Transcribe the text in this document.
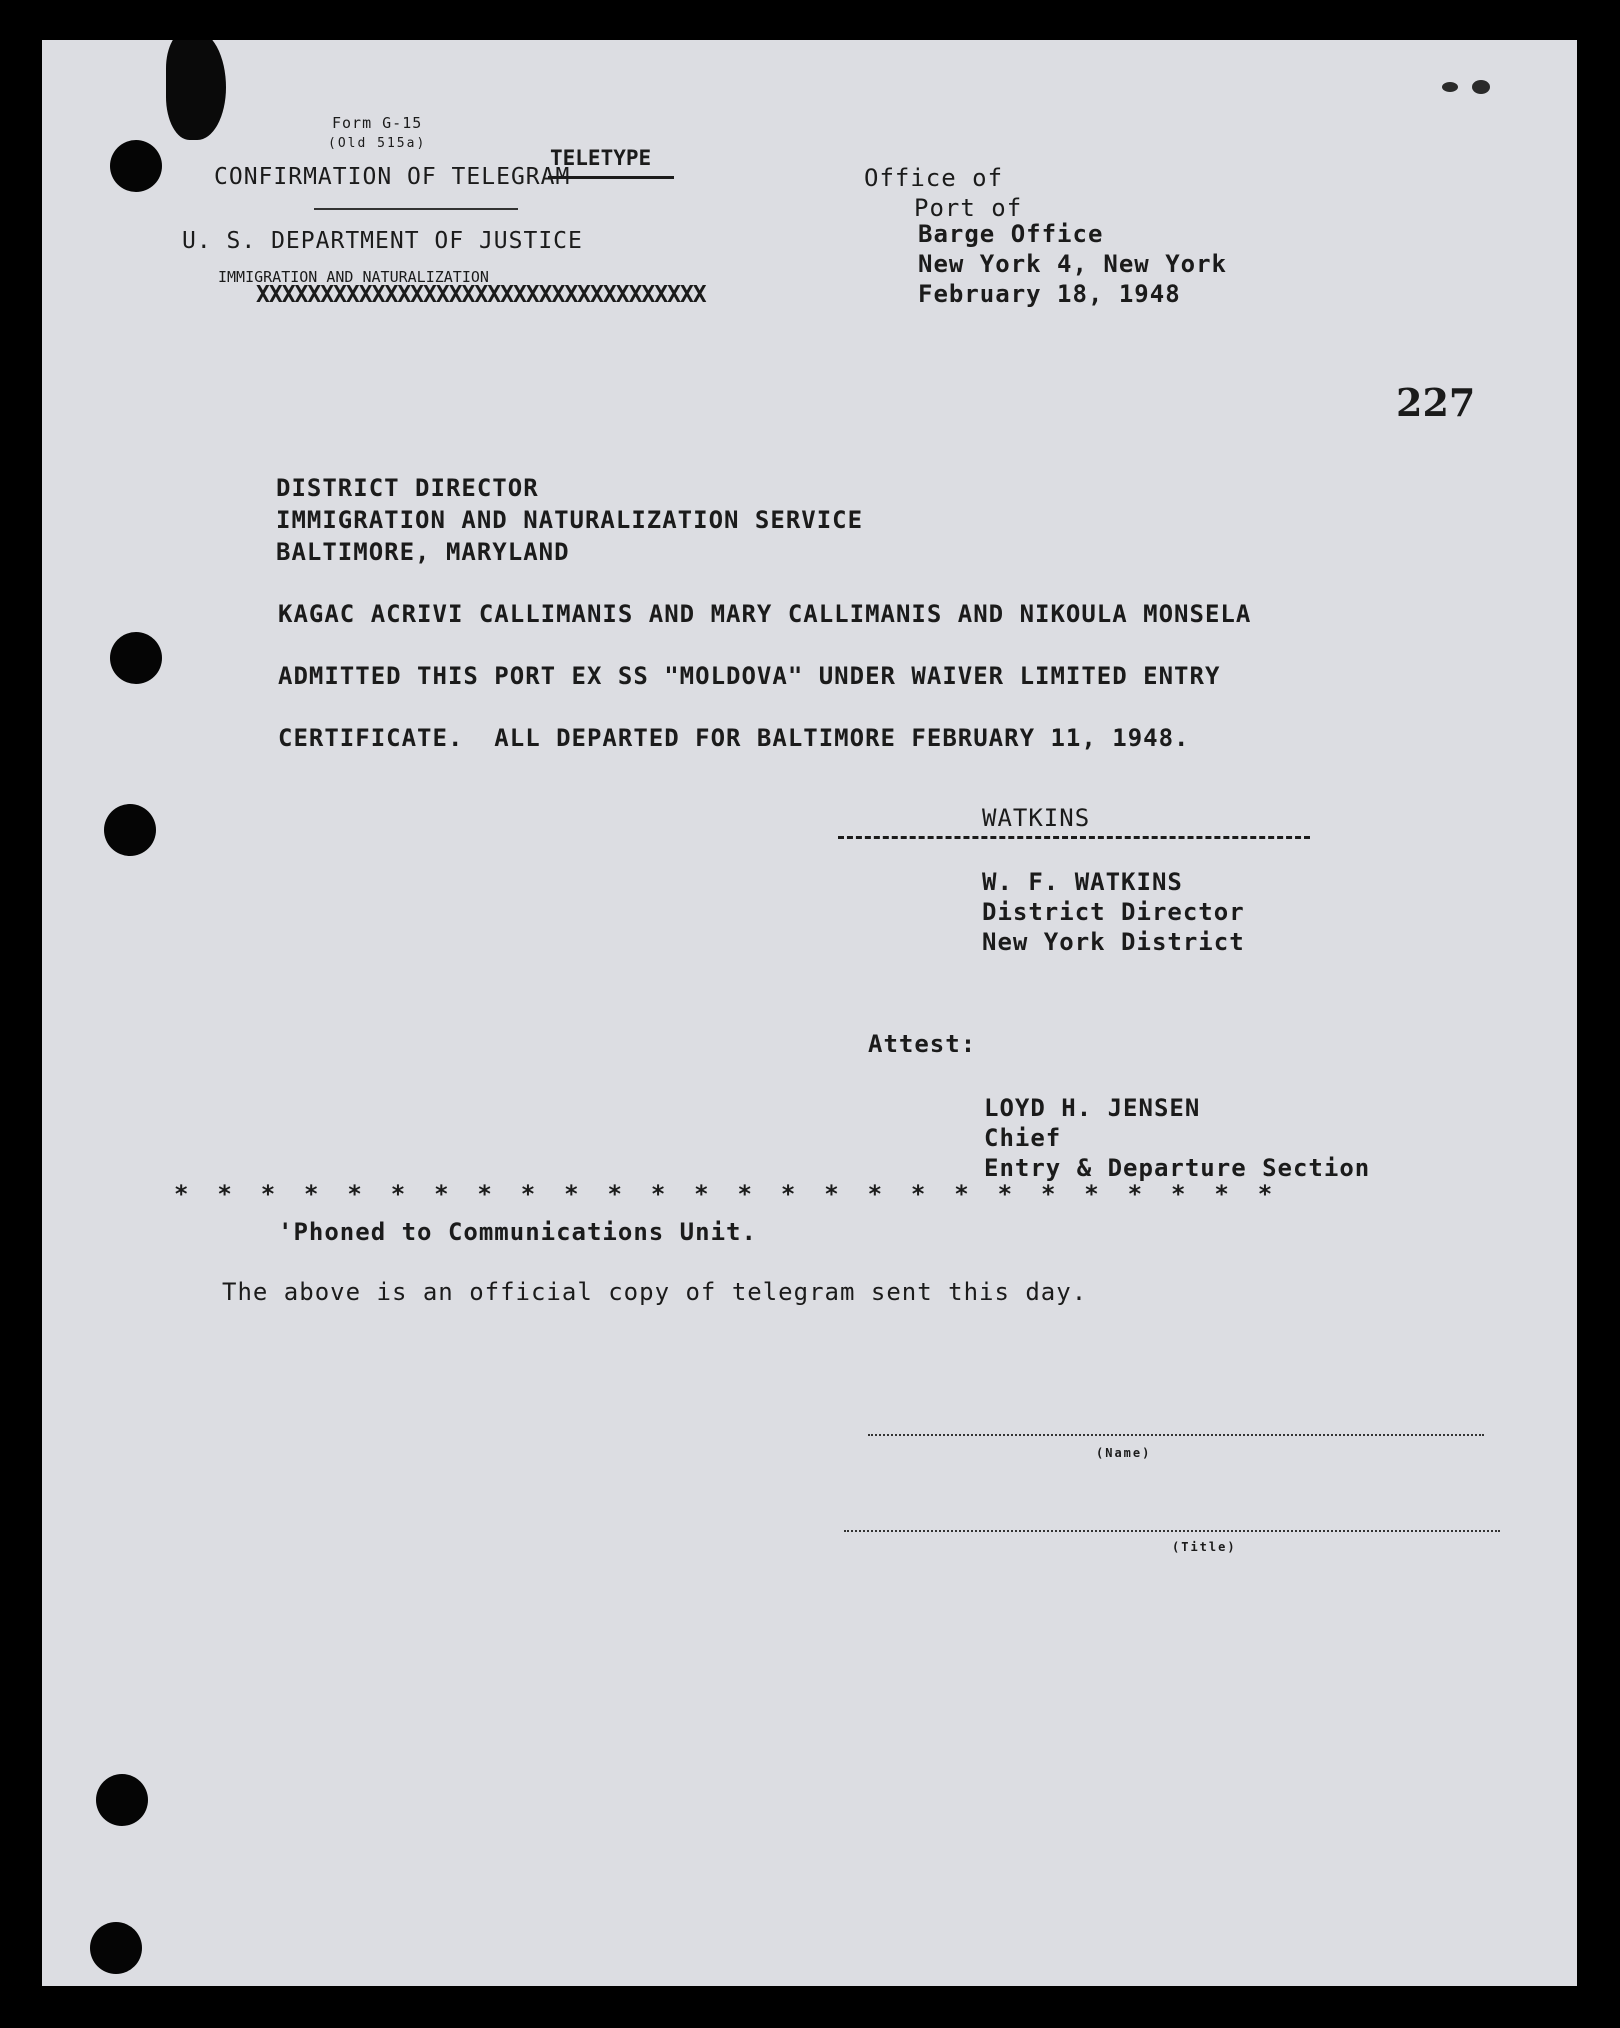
Form G-15
(Old 515a)
CONFIRMATION OF TELEGRAM
TELETYPE
U. S. DEPARTMENT OF JUSTICE
IMMIGRATION AND NATURALIZATION
XXXXXXXXXXXXXXXXXXXXXXXXXXXXXXXXXXX
Office of
Port of
Barge Office
New York 4, New York
February 18, 1948
227
DISTRICT DIRECTOR
IMMIGRATION AND NATURALIZATION SERVICE
BALTIMORE, MARYLAND
KAGAC ACRIVI CALLIMANIS AND MARY CALLIMANIS AND NIKOULA MONSELA
ADMITTED THIS PORT EX SS "MOLDOVA" UNDER WAIVER LIMITED ENTRY
CERTIFICATE.  ALL DEPARTED FOR BALTIMORE FEBRUARY 11, 1948.
WATKINS
W. F. WATKINS
District Director
New York District
Attest:
LOYD H. JENSEN
Chief
Entry & Departure Section
*  *  *  *  *  *  *  *  *  *  *  *  *  *  *  *  *  *  *  *  *  *  *  *  *  *
'Phoned to Communications Unit.
The above is an official copy of telegram sent this day.
(Name)
(Title)
